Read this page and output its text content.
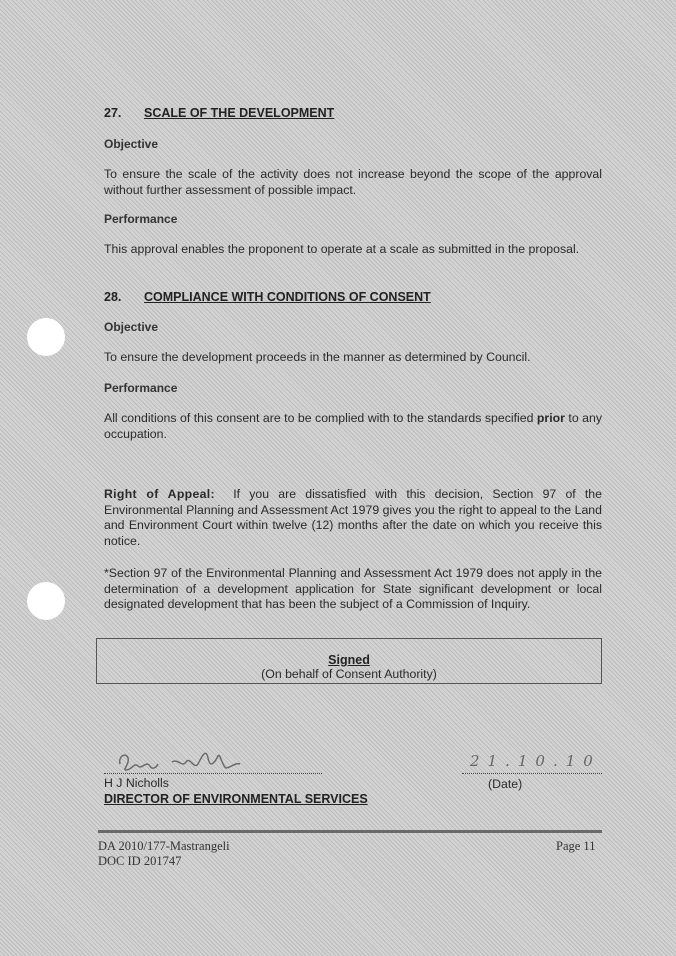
27. SCALE OF THE DEVELOPMENT
Objective
To ensure the scale of the activity does not increase beyond the scope of the approval without further assessment of possible impact.
Performance
This approval enables the proponent to operate at a scale as submitted in the proposal.
28. COMPLIANCE WITH CONDITIONS OF CONSENT
Objective
To ensure the development proceeds in the manner as determined by Council.
Performance
All conditions of this consent are to be complied with to the standards specified prior to any occupation.
Right of Appeal: If you are dissatisfied with this decision, Section 97 of the Environmental Planning and Assessment Act 1979 gives you the right to appeal to the Land and Environment Court within twelve (12) months after the date on which you receive this notice.
*Section 97 of the Environmental Planning and Assessment Act 1979 does not apply in the determination of a development application for State significant development or local designated development that has been the subject of a Commission of Inquiry.
Signed
(On behalf of Consent Authority)
21.10.10
(Date)
H J Nicholls
DIRECTOR OF ENVIRONMENTAL SERVICES
DA 2010/177-Mastrangeli
DOC ID 201747
Page 11
